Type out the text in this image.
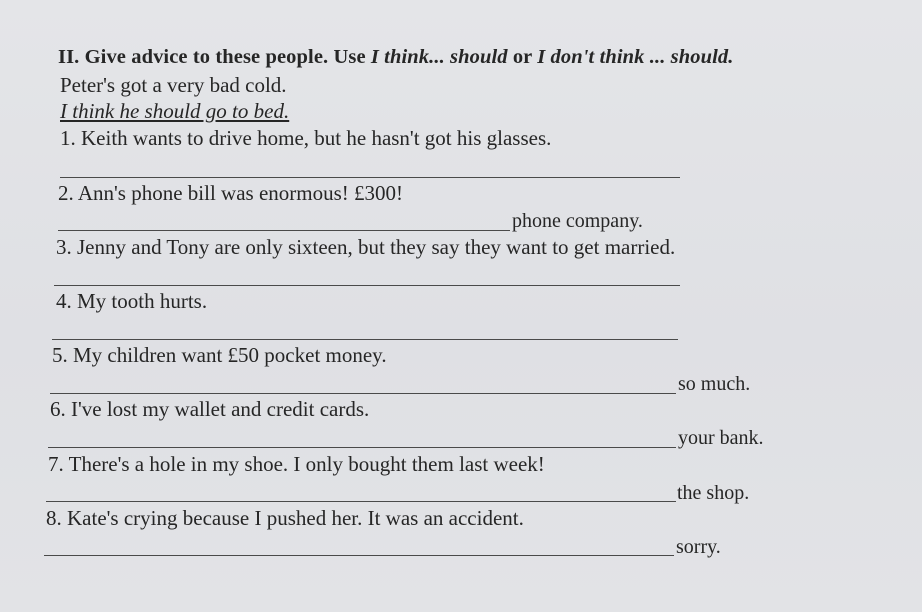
II. Give advice to these people. Use I think... should or I don't think ... should.
Peter's got a very bad cold.
I think he should go to bed.
1. Keith wants to drive home, but he hasn't got his glasses.
2. Ann's phone bill was enormous! £300!
phone company.
3. Jenny and Tony are only sixteen, but they say they want to get married.
4. My tooth hurts.
5. My children want £50 pocket money.
so much.
6. I've lost my wallet and credit cards.
your bank.
7. There's a hole in my shoe. I only bought them last week!
the shop.
8. Kate's crying because I pushed her. It was an accident.
sorry.
